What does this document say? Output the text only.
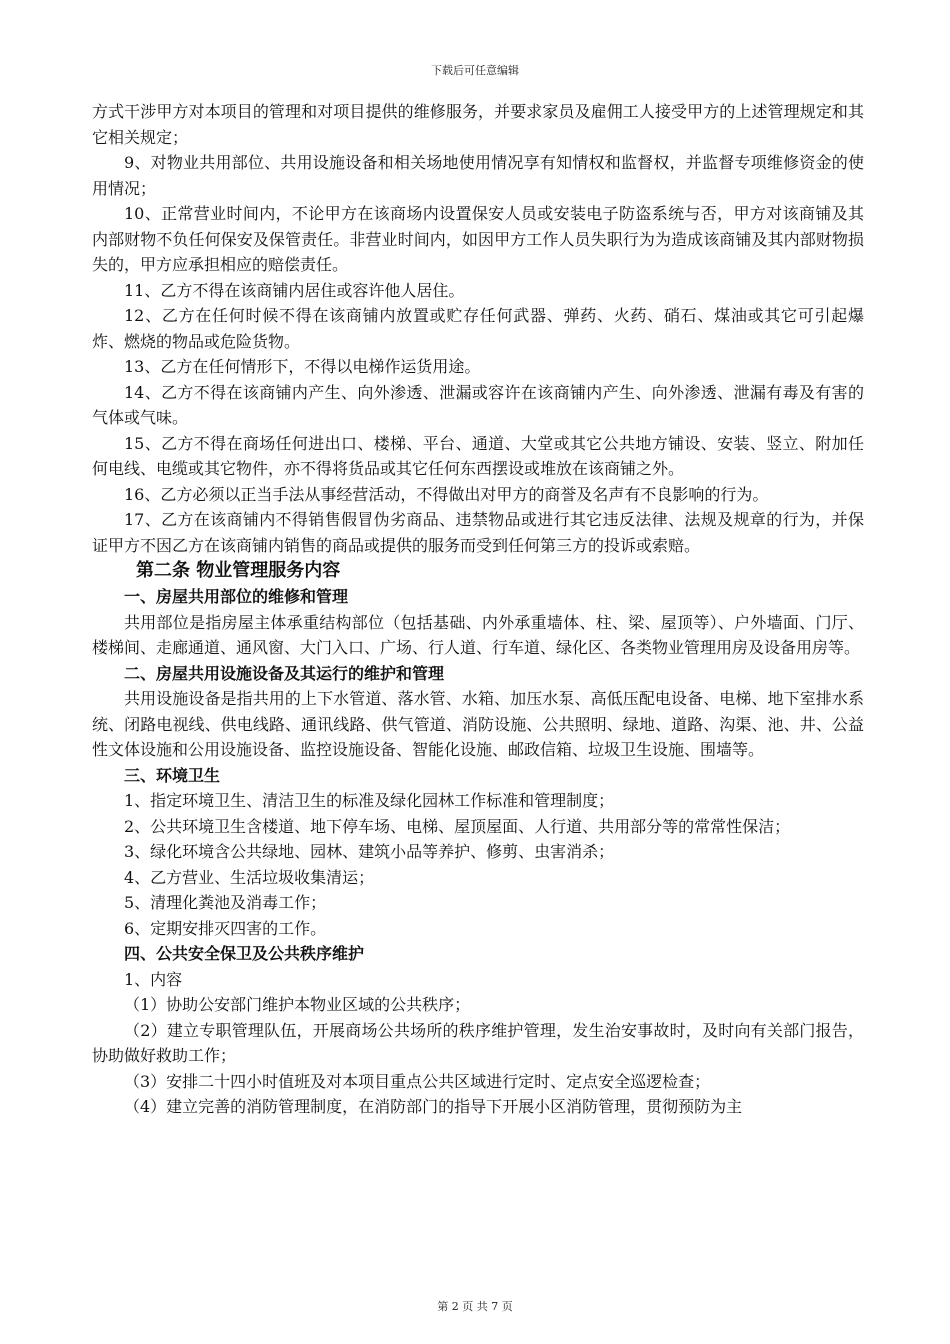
下载后可任意编辑

方式干涉甲方对本项目的管理和对项目提供的维修服务，并要求家员及雇佣工人接受甲方的上述管理规定和其它相关规定；

9、对物业共用部位、共用设施设备和相关场地使用情况享有知情权和监督权，并监督专项维修资金的使用情况；

10、正常营业时间内，不论甲方在该商场内设置保安人员或安装电子防盗系统与否，甲方对该商铺及其内部财物不负任何保安及保管责任。非营业时间内，如因甲方工作人员失职行为为造成该商铺及其内部财物损失的，甲方应承担相应的赔偿责任。

11、乙方不得在该商铺内居住或容许他人居住。

12、乙方在任何时候不得在该商铺内放置或贮存任何武器、弹药、火药、硝石、煤油或其它可引起爆炸、燃烧的物品或危险货物。

13、乙方在任何情形下，不得以电梯作运货用途。

14、乙方不得在该商铺内产生、向外渗透、泄漏或容许在该商铺内产生、向外渗透、泄漏有毒及有害的气体或气味。

15、乙方不得在商场任何进出口、楼梯、平台、通道、大堂或其它公共地方铺设、安装、竖立、附加任何电线、电缆或其它物件，亦不得将货品或其它任何东西摆设或堆放在该商铺之外。

16、乙方必须以正当手法从事经营活动，不得做出对甲方的商誉及名声有不良影响的行为。

17、乙方在该商铺内不得销售假冒伪劣商品、违禁物品或进行其它违反法律、法规及规章的行为，并保证甲方不因乙方在该商铺内销售的商品或提供的服务而受到任何第三方的投诉或索赔。

第二条 物业管理服务内容

一、房屋共用部位的维修和管理

共用部位是指房屋主体承重结构部位（包括基础、内外承重墙体、柱、梁、屋顶等）、户外墙面、门厅、楼梯间、走廊通道、通风窗、大门入口、广场、行人道、行车道、绿化区、各类物业管理用房及设备用房等。

二、房屋共用设施设备及其运行的维护和管理

共用设施设备是指共用的上下水管道、落水管、水箱、加压水泵、高低压配电设备、电梯、地下室排水系统、闭路电视线、供电线路、通讯线路、供气管道、消防设施、公共照明、绿地、道路、沟渠、池、井、公益性文体设施和公用设施设备、监控设施设备、智能化设施、邮政信箱、垃圾卫生设施、围墙等。

三、环境卫生

1、指定环境卫生、清洁卫生的标准及绿化园林工作标准和管理制度；

2、公共环境卫生含楼道、地下停车场、电梯、屋顶屋面、人行道、共用部分等的常常性保洁；

3、绿化环境含公共绿地、园林、建筑小品等养护、修剪、虫害消杀；

4、乙方营业、生活垃圾收集清运；

5、清理化粪池及消毒工作；

6、定期安排灭四害的工作。

四、公共安全保卫及公共秩序维护

1、内容

（1）协助公安部门维护本物业区域的公共秩序；

（2）建立专职管理队伍，开展商场公共场所的秩序维护管理，发生治安事故时，及时向有关部门报告，协助做好救助工作；

（3）安排二十四小时值班及对本项目重点公共区域进行定时、定点安全巡逻检查；

（4）建立完善的消防管理制度，在消防部门的指导下开展小区消防管理，贯彻预防为主

第 2 页 共 7 页
